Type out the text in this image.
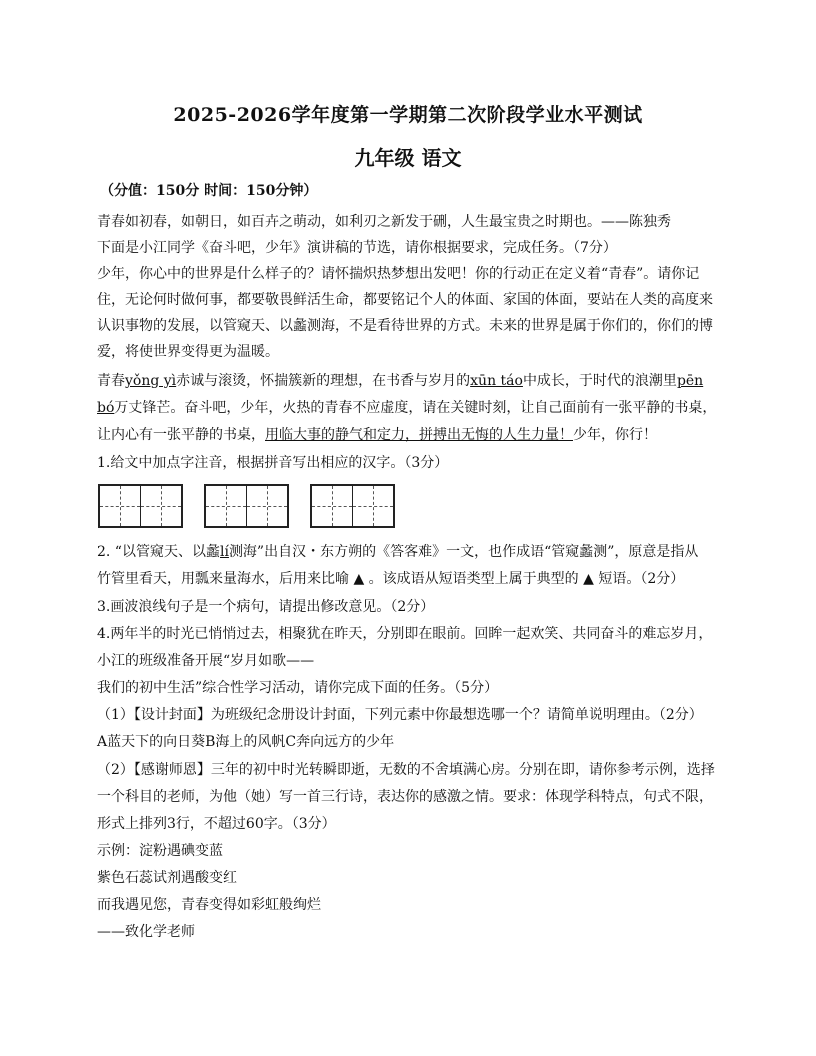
2025-2026学年度第一学期第二次阶段学业水平测试
九年级 语文
（分值：150分 时间：150分钟）
青春如初春，如朝日，如百卉之萌动，如利刃之新发于硎，人生最宝贵之时期也。——陈独秀
下面是小江同学《奋斗吧，少年》演讲稿的节选，请你根据要求，完成任务。（7分）
少年，你心中的世界是什么样子的？请怀揣炽热梦想出发吧！你的行动正在定义着“青春”。请你记
住，无论何时做何事，都要敬畏鲜活生命，都要铭记个人的体面、家国的体面，要站在人类的高度来
认识事物的发展，以管窥天、以蠡测海，不是看待世界的方式。未来的世界是属于你们的，你们的博
爱，将使世界变得更为温暖。
青春yǒng yì赤诚与滚烫，怀揣簇新的理想，在书香与岁月的xūn táo中成长，于时代的浪潮里pēn
bó万丈锋芒。奋斗吧，少年，火热的青春不应虚度，请在关键时刻，让自己面前有一张平静的书桌，
让内心有一张平静的书桌，用临大事的静气和定力，拼搏出无悔的人生力量！少年，你行！
1.给文中加点字注音，根据拼音写出相应的汉字。（3分）
2. “以管窥天、以蠡lí测海”出自汉・东方朔的《答客难》一文，也作成语“管窥蠡测”，原意是指从
竹管里看天，用瓢来量海水，后用来比喻 ▲ 。该成语从短语类型上属于典型的 ▲ 短语。（2分）
3.画波浪线句子是一个病句，请提出修改意见。（2分）
4.两年半的时光已悄悄过去，相聚犹在昨天，分别即在眼前。回眸一起欢笑、共同奋斗的难忘岁月，
小江的班级准备开展“岁月如歌——
我们的初中生活”综合性学习活动，请你完成下面的任务。（5分）
（1）【设计封面】为班级纪念册设计封面，下列元素中你最想选哪一个？请简单说明理由。（2分）
A蓝天下的向日葵B海上的风帆C奔向远方的少年
（2）【感谢师恩】三年的初中时光转瞬即逝，无数的不舍填满心房。分别在即，请你参考示例，选择
一个科目的老师，为他（她）写一首三行诗，表达你的感激之情。要求：体现学科特点，句式不限，
形式上排列3行，不超过60字。（3分）
示例：淀粉遇碘变蓝
紫色石蕊试剂遇酸变红
而我遇见您，青春变得如彩虹般绚烂
——致化学老师
